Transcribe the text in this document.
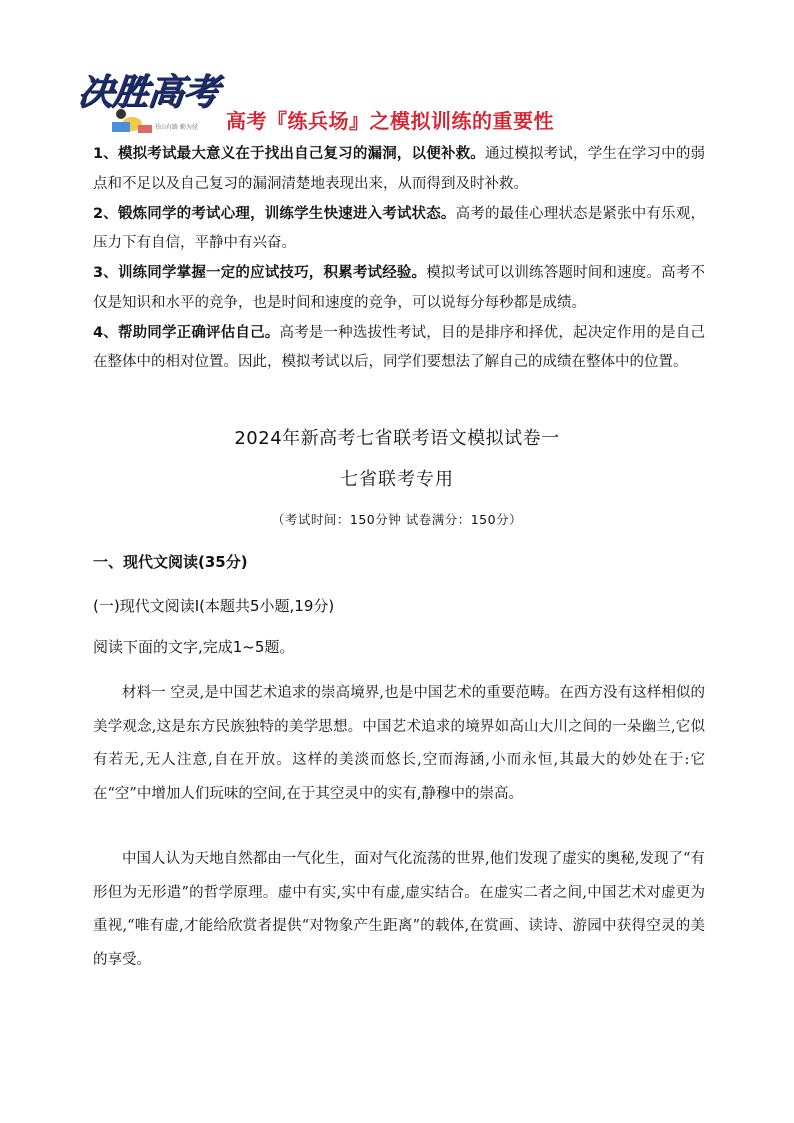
决胜高考
书山有路 勤为径 高考『练兵场』之模拟训练的重要性

1、模拟考试最大意义在于找出自己复习的漏洞，以便补救。通过模拟考试，学生在学习中的弱点和不足以及自己复习的漏洞清楚地表现出来，从而得到及时补救。

2、锻炼同学的考试心理，训练学生快速进入考试状态。高考的最佳心理状态是紧张中有乐观，压力下有自信，平静中有兴奋。

3、训练同学掌握一定的应试技巧，积累考试经验。模拟考试可以训练答题时间和速度。高考不仅是知识和水平的竞争，也是时间和速度的竞争，可以说每分每秒都是成绩。

4、帮助同学正确评估自己。高考是一种选拔性考试，目的是排序和择优，起决定作用的是自己在整体中的相对位置。因此，模拟考试以后，同学们要想法了解自己的成绩在整体中的位置。

2024年新高考七省联考语文模拟试卷一
七省联考专用
（考试时间：150分钟 试卷满分：150分）
一、现代文阅读(35分)
(一)现代文阅读Ⅰ(本题共5小题,19分)
阅读下面的文字,完成1~5题。

材料一 空灵,是中国艺术追求的崇高境界,也是中国艺术的重要范畴。在西方没有这样相似的美学观念,这是东方民族独特的美学思想。中国艺术追求的境界如高山大川之间的一朵幽兰,它似有若无,无人注意,自在开放。这样的美淡而悠长,空而海涵,小而永恒,其最大的妙处在于:它在“空”中增加人们玩味的空间,在于其空灵中的实有,静穆中的崇高。

中国人认为天地自然都由一气化生，面对气化流荡的世界,他们发现了虚实的奥秘,发现了“有形但为无形遣”的哲学原理。虚中有实,实中有虚,虚实结合。在虚实二者之间,中国艺术对虚更为重视,“唯有虚,才能给欣赏者提供“对物象产生距离”的载体,在赏画、读诗、游园中获得空灵的美的享受。
